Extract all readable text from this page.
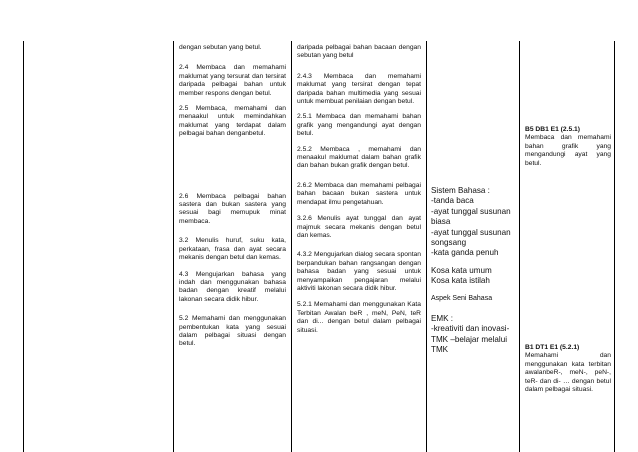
dengan sebutan yang betul.

2.4 Membaca dan memahami maklumat yang tersurat dan tersirat daripada pelbagai bahan untuk member respons dengan betul.

2.5 Membaca, memahami dan menaakul untuk memindahkan maklumat yang terdapat dalam pelbagai bahan denganbetul.

2.6 Membaca pelbagai bahan sastera dan bukan sastera yang sesuai bagi memupuk minat membaca.

3.2 Menulis huruf, suku kata, perkataan, frasa dan ayat secara mekanis dengan betul dan kemas.

4.3 Mengujarkan bahasa yang indah dan menggunakan bahasa badan dengan kreatif melalui lakonan secara didik hibur.

5.2 Memahami dan menggunakan pembentukan kata yang sesuai dalam pelbagai situasi dengan betul.

daripada pelbagai bahan bacaan dengan sebutan yang betul

2.4.3 Membaca dan memahami maklumat yang tersirat dengan tepat daripada bahan multimedia yang sesuai untuk membuat penilaian dengan betul.

2.5.1 Membaca dan memahami bahan grafik yang mengandungi ayat dengan betul.

2.5.2 Membaca , memahami dan menaakul maklumat dalam bahan grafik dan bahan bukan grafik dengan betul.

2.6.2 Membaca dan memahami pelbagai bahan bacaan bukan sastera untuk mendapat ilmu pengetahuan.

3.2.6 Menulis ayat tunggal dan ayat majmuk secara mekanis dengan betul dan kemas.

4.3.2 Mengujarkan dialog secara spontan berpandukan bahan rangsangan dengan bahasa badan yang sesuai untuk menyampaikan pengajaran melalui aktiviti lakonan secara didik hibur.

5.2.1 Memahami dan menggunakan Kata Terbitan Awalan beR , meN, PeN, teR dan di... dengan betul dalam pelbagai situasi.

Sistem Bahasa :

-tanda baca

-ayat tunggal susunan biasa

-ayat tunggal susunan songsang

-kata ganda penuh

Kosa kata umum

Kosa kata istilah

Aspek Seni Bahasa

EMK :

-kreativiti dan inovasi-

TMK –belajar melalui

TMK

B5 DB1 E1 (2.5.1)

Membaca dan memahami bahan grafik yang mengandungi ayat yang betul.

B1 DT1 E1 (5.2.1)

Memahami dan menggunakan kata terbitan awalanbeR-, meN-, peN-, teR- dan di- … dengan betul dalam pelbagai situasi.
